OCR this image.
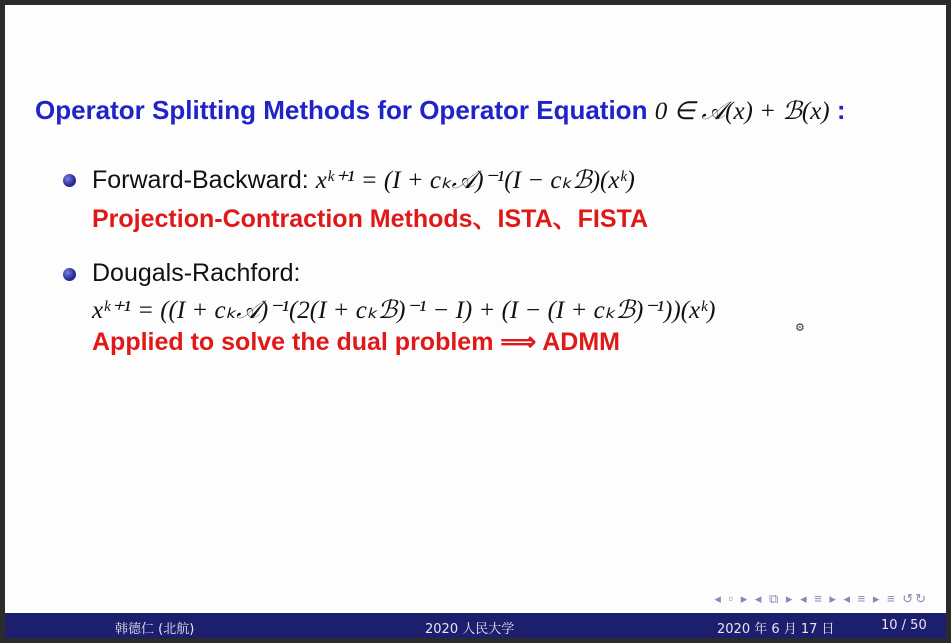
Operator Splitting Methods for Operator Equation 0 ∈ 𝒜(x) + ℬ(x) :
Forward-Backward: xᵏ⁺¹ = (I + cₖ𝒜)⁻¹(I − cₖℬ)(xᵏ)
Projection-Contraction Methods、ISTA、FISTA
Dougals-Rachford:
xᵏ⁺¹ = ((I + cₖ𝒜)⁻¹(2(I + cₖℬ)⁻¹ − I) + (I − (I + cₖℬ)⁻¹))(xᵏ)
Applied to solve the dual problem ⟹ ADMM	⚙
◂ ▫ ▸ ◂ ⧉ ▸ ◂ ≡ ▸ ◂ ≡ ▸ ≡ ↺↻
韩德仁 (北航)	2020 人民大学	2020 年 6 月 17 日	10 / 50
